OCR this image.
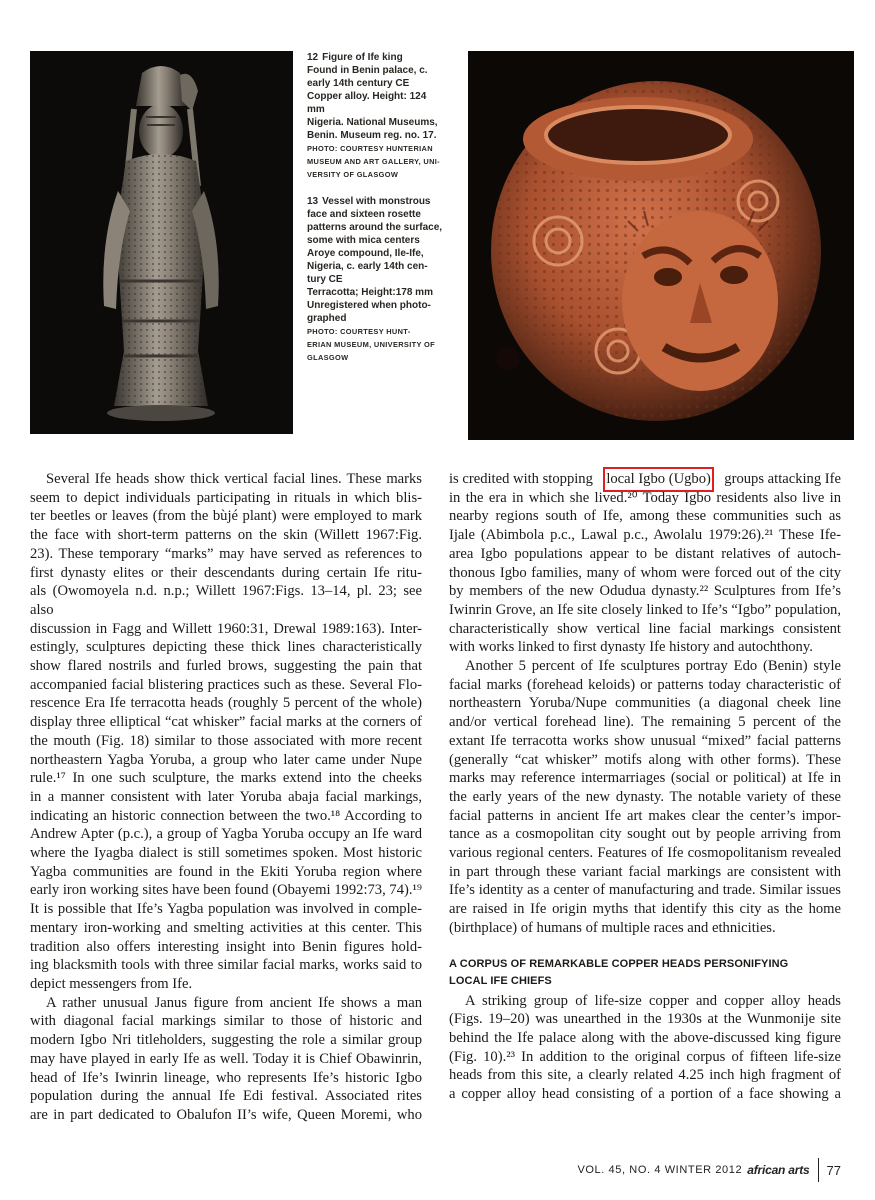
12 Figure of Ife king
Found in Benin palace, c.
early 14th century CE
Copper alloy. Height: 124
mm
Nigeria. National Museums,
Benin. Museum reg. no. 17.
PHOTO: COURTESY HUNTERIAN
MUSEUM AND ART GALLERY, UNI-
VERSITY OF GLASGOW
13 Vessel with monstrous
face and sixteen rosette
patterns around the surface,
some with mica centers
Aroye compound, Ile-Ife,
Nigeria, c. early 14th cen-
tury CE
Terracotta; Height:178 mm
Unregistered when photo-
graphed
PHOTO: COURTESY HUNT-
ERIAN MUSEUM, UNIVERSITY OF
GLASGOW
Several Ife heads show thick vertical facial lines. These marks
seem to depict individuals participating in rituals in which blis-
ter beetles or leaves (from the bùjé plant) were employed to mark
the face with short-term patterns on the skin (Willett 1967:Fig.
23). These temporary “marks” may have served as references to
first dynasty elites or their descendants during certain Ife ritu-
als (Owomoyela n.d. n.p.; Willett 1967:Figs. 13–14, pl. 23; see also
discussion in Fagg and Willett 1960:31, Drewal 1989:163). Inter-
estingly, sculptures depicting these thick lines characteristically
show flared nostrils and furled brows, suggesting the pain that
accompanied facial blistering practices such as these. Several Flo-
rescence Era Ife terracotta heads (roughly 5 percent of the whole)
display three elliptical “cat whisker” facial marks at the corners of
the mouth (Fig. 18) similar to those associated with more recent
northeastern Yagba Yoruba, a group who later came under Nupe
rule.¹⁷ In one such sculpture, the marks extend into the cheeks
in a manner consistent with later Yoruba abaja facial markings,
indicating an historic connection between the two.¹⁸ According to
Andrew Apter (p.c.), a group of Yagba Yoruba occupy an Ife ward
where the Iyagba dialect is still sometimes spoken. Most historic
Yagba communities are found in the Ekiti Yoruba region where
early iron working sites have been found (Obayemi 1992:73, 74).¹⁹
It is possible that Ife’s Yagba population was involved in comple-
mentary iron-working and smelting activities at this center. This
tradition also offers interesting insight into Benin figures hold-
ing blacksmith tools with three similar facial marks, works said to
depict messengers from Ife.
A rather unusual Janus figure from ancient Ife shows a man
with diagonal facial markings similar to those of historic and
modern Igbo Nri titleholders, suggesting the role a similar group
may have played in early Ife as well. Today it is Chief Obawinrin,
head of Ife’s Iwinrin lineage, who represents Ife’s historic Igbo
population during the annual Ife Edi festival. Associated rites
are in part dedicated to Obalufon II’s wife, Queen Moremi, who
is credited with stopping local Igbo (Ugbo) groups attacking Ife
in the era in which she lived.²⁰ Today Igbo residents also live in
nearby regions south of Ife, among these communities such as
Ijale (Abimbola p.c., Lawal p.c., Awolalu 1979:26).²¹ These Ife-
area Igbo populations appear to be distant relatives of autoch-
thonous Igbo families, many of whom were forced out of the city
by members of the new Odudua dynasty.²² Sculptures from Ife’s
Iwinrin Grove, an Ife site closely linked to Ife’s “Igbo” population,
characteristically show vertical line facial markings consistent
with works linked to first dynasty Ife history and autochthony.
Another 5 percent of Ife sculptures portray Edo (Benin) style
facial marks (forehead keloids) or patterns today characteristic of
northeastern Yoruba/Nupe communities (a diagonal cheek line
and/or vertical forehead line). The remaining 5 percent of the
extant Ife terracotta works show unusual “mixed” facial patterns
(generally “cat whisker” motifs along with other forms). These
marks may reference intermarriages (social or political) at Ife in
the early years of the new dynasty. The notable variety of these
facial patterns in ancient Ife art makes clear the center’s impor-
tance as a cosmopolitan city sought out by people arriving from
various regional centers. Features of Ife cosmopolitanism revealed
in part through these variant facial markings are consistent with
Ife’s identity as a center of manufacturing and trade. Similar issues
are raised in Ife origin myths that identify this city as the home
(birthplace) of humans of multiple races and ethnicities.
A CORPUS OF REMARKABLE COPPER HEADS PERSONIFYING
LOCAL IFE CHIEFS
A striking group of life-size copper and copper alloy heads
(Figs. 19–20) was unearthed in the 1930s at the Wunmonije site
behind the Ife palace along with the above-discussed king figure
(Fig. 10).²³ In addition to the original corpus of fifteen life-size
heads from this site, a clearly related 4.25 inch high fragment of
a copper alloy head consisting of a portion of a face showing a
VOL. 45, NO. 4 WINTER 2012 african arts 77
